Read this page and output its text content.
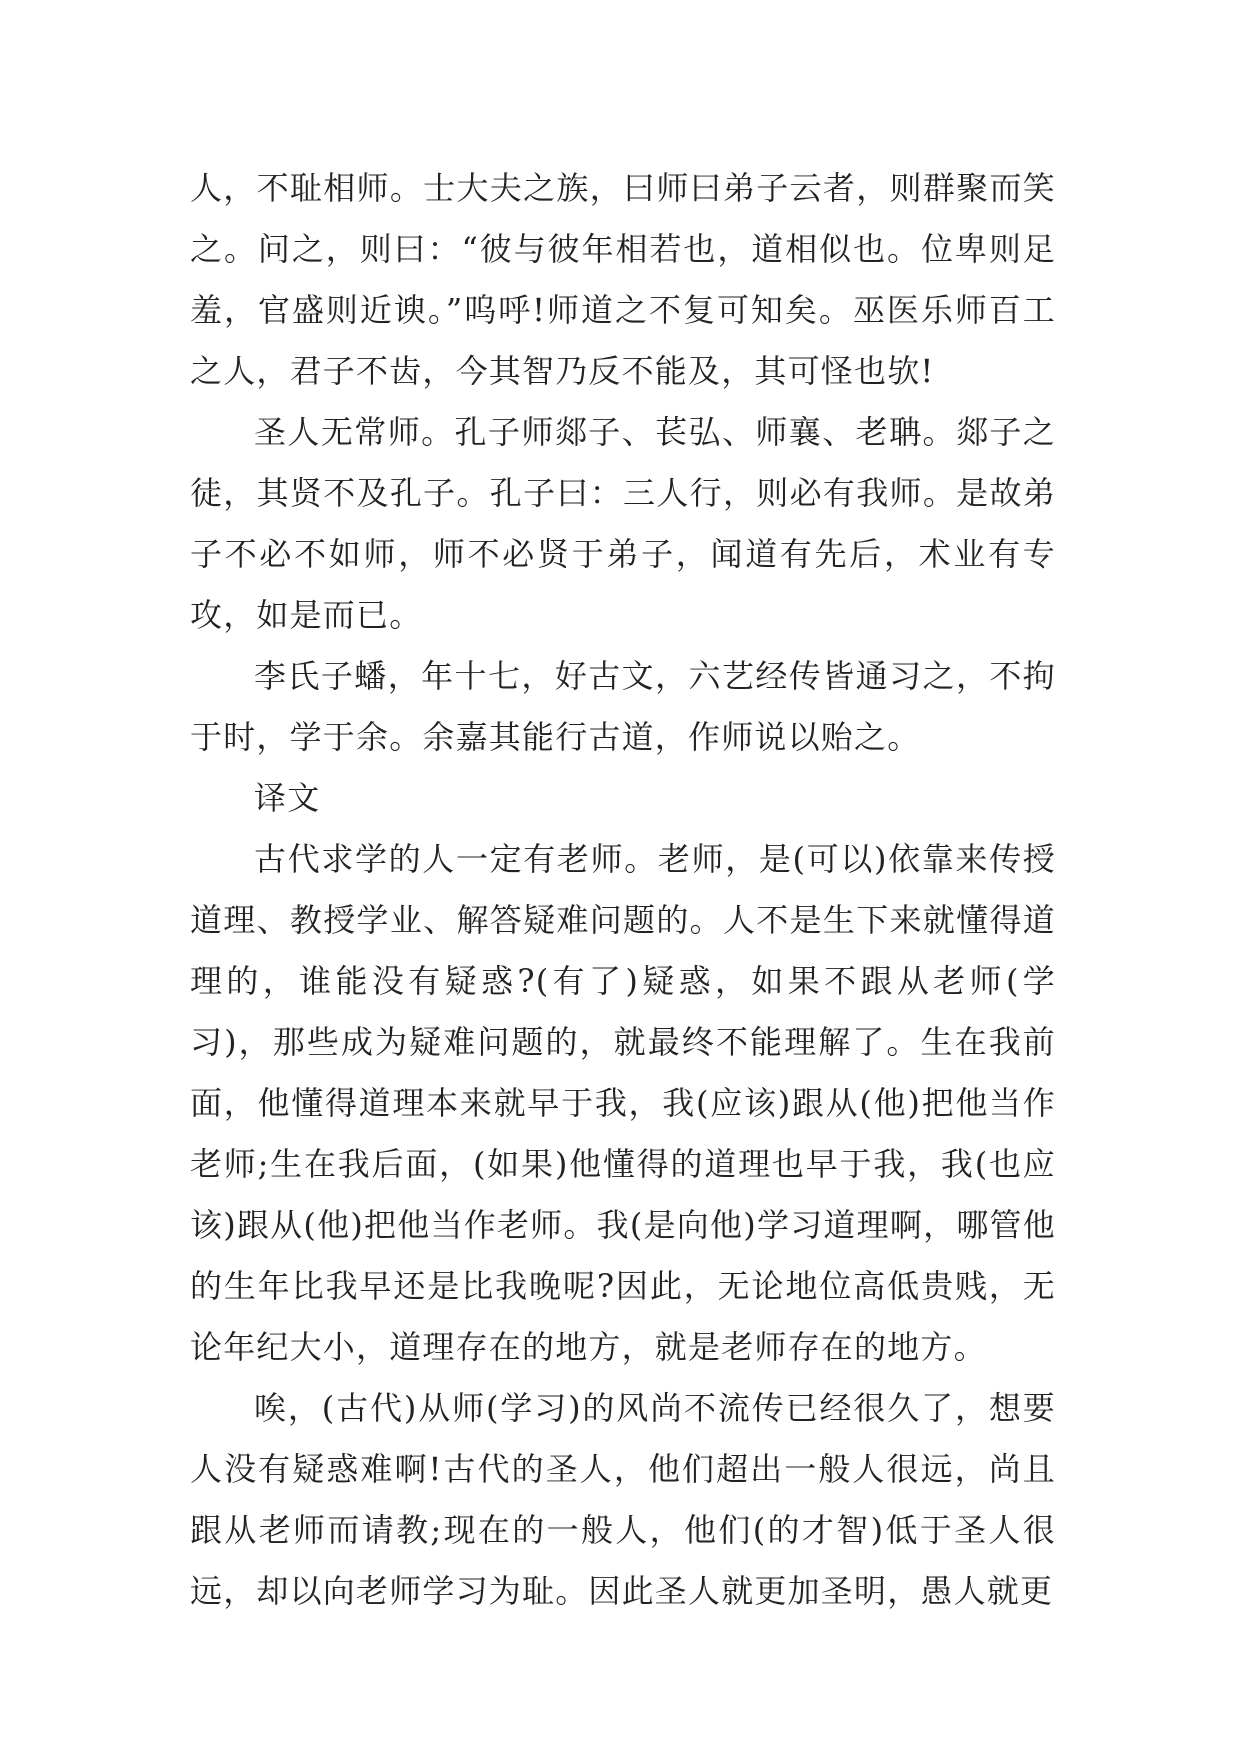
人，不耻相师。士大夫之族，曰师曰弟子云者，则群聚而笑之。问之，则曰：“彼与彼年相若也，道相似也。位卑则足羞，官盛则近谀。”呜呼!师道之不复可知矣。巫医乐师百工之人，君子不齿，今其智乃反不能及，其可怪也欤!

圣人无常师。孔子师郯子、苌弘、师襄、老聃。郯子之徒，其贤不及孔子。孔子曰：三人行，则必有我师。是故弟子不必不如师，师不必贤于弟子，闻道有先后，术业有专攻，如是而已。

李氏子蟠，年十七，好古文，六艺经传皆通习之，不拘于时，学于余。余嘉其能行古道，作师说以贻之。

译文

古代求学的人一定有老师。老师，是(可以)依靠来传授道理、教授学业、解答疑难问题的。人不是生下来就懂得道理的，谁能没有疑惑?(有了)疑惑，如果不跟从老师(学习)，那些成为疑难问题的，就最终不能理解了。生在我前面，他懂得道理本来就早于我，我(应该)跟从(他)把他当作老师;生在我后面，(如果)他懂得的道理也早于我，我(也应该)跟从(他)把他当作老师。我(是向他)学习道理啊，哪管他的生年比我早还是比我晚呢?因此，无论地位高低贵贱，无论年纪大小，道理存在的地方，就是老师存在的地方。

唉，(古代)从师(学习)的风尚不流传已经很久了，想要人没有疑惑难啊!古代的圣人，他们超出一般人很远，尚且跟从老师而请教;现在的一般人，他们(的才智)低于圣人很远，却以向老师学习为耻。因此圣人就更加圣明，愚人就更
